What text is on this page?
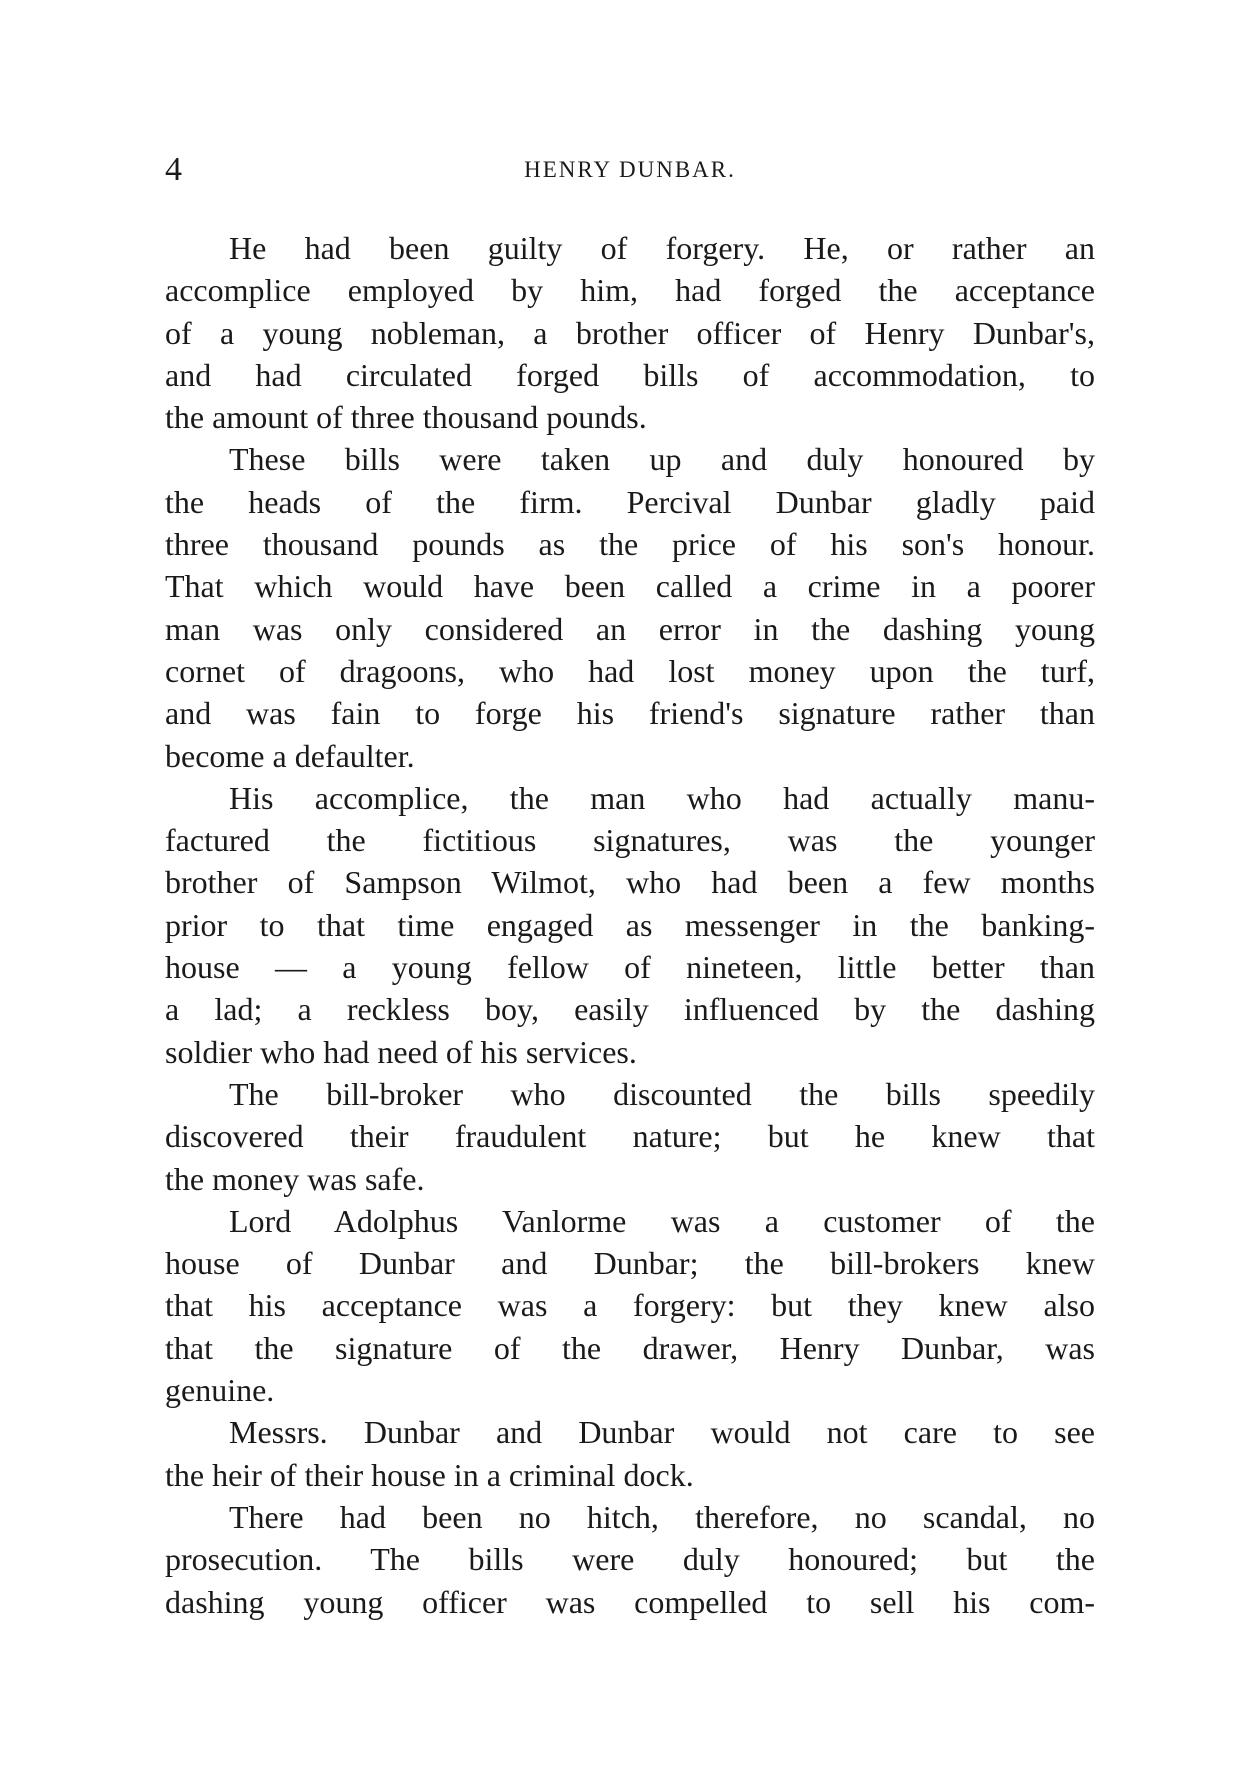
4	HENRY DUNBAR.
He had been guilty of forgery. He, or rather an
accomplice employed by him, had forged the acceptance
of a young nobleman, a brother officer of Henry Dunbar's,
and had circulated forged bills of accommodation, to
the amount of three thousand pounds.
These bills were taken up and duly honoured by
the heads of the firm. Percival Dunbar gladly paid
three thousand pounds as the price of his son's honour.
That which would have been called a crime in a poorer
man was only considered an error in the dashing young
cornet of dragoons, who had lost money upon the turf,
and was fain to forge his friend's signature rather than
become a defaulter.
His accomplice, the man who had actually manu-
factured the fictitious signatures, was the younger
brother of Sampson Wilmot, who had been a few months
prior to that time engaged as messenger in the banking-
house — a young fellow of nineteen, little better than
a lad; a reckless boy, easily influenced by the dashing
soldier who had need of his services.
The bill-broker who discounted the bills speedily
discovered their fraudulent nature; but he knew that
the money was safe.
Lord Adolphus Vanlorme was a customer of the
house of Dunbar and Dunbar; the bill-brokers knew
that his acceptance was a forgery: but they knew also
that the signature of the drawer, Henry Dunbar, was
genuine.
Messrs. Dunbar and Dunbar would not care to see
the heir of their house in a criminal dock.
There had been no hitch, therefore, no scandal, no
prosecution. The bills were duly honoured; but the
dashing young officer was compelled to sell his com-
